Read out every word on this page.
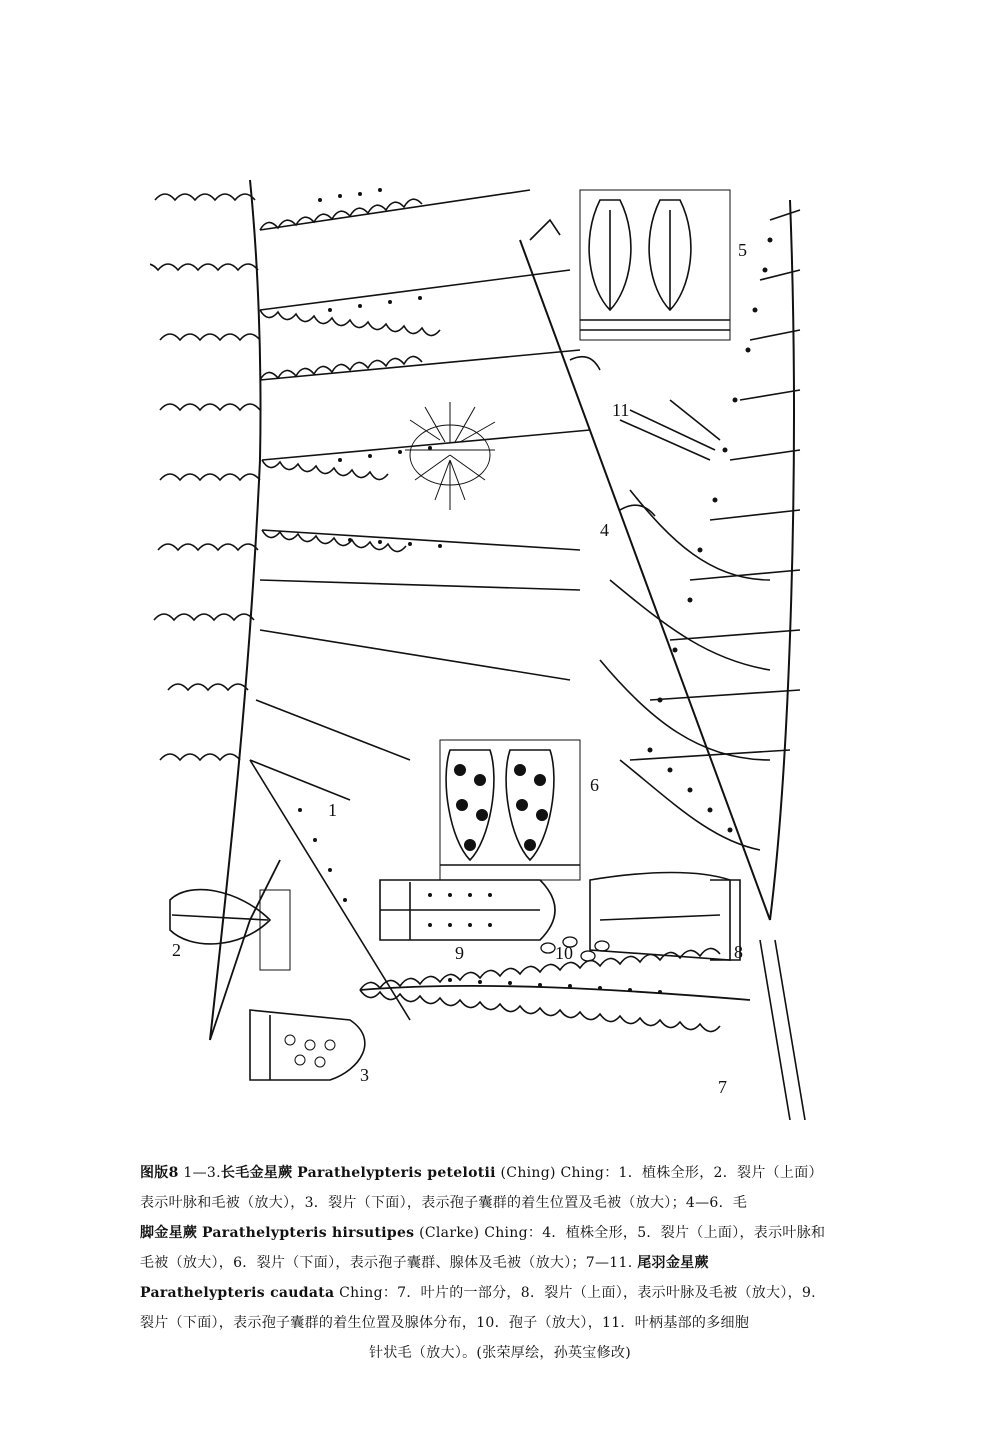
1
2
3
4
5
6
7
8
9	10
11
图版8 1—3.长毛金星蕨 Parathelypteris petelotii (Ching) Ching：1．植株全形，2．裂片（上面）
表示叶脉和毛被（放大），3．裂片（下面），表示孢子囊群的着生位置及毛被（放大）；4—6．毛
脚金星蕨 Parathelypteris hirsutipes (Clarke) Ching：4．植株全形，5．裂片（上面），表示叶脉和
毛被（放大），6．裂片（下面），表示孢子囊群、腺体及毛被（放大）；7—11. 尾羽金星蕨
Parathelypteris caudata Ching：7．叶片的一部分，8．裂片（上面），表示叶脉及毛被（放大），9.
裂片（下面），表示孢子囊群的着生位置及腺体分布，10．孢子（放大），11．叶柄基部的多细胞
针状毛（放大）。(张荣厚绘，孙英宝修改)
